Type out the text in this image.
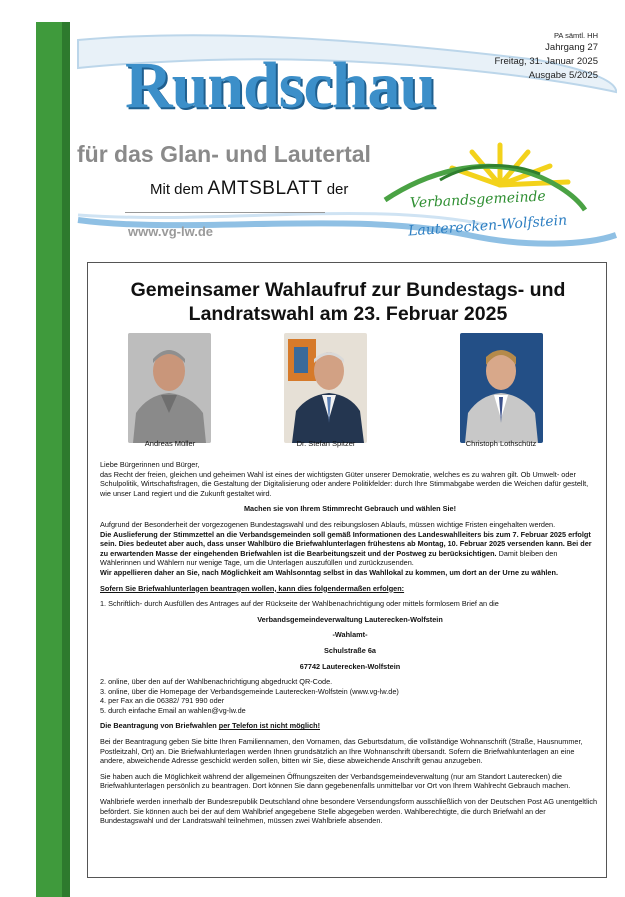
PA sämtl. HH
Jahrgang 27
Freitag, 31. Januar 2025
Ausgabe 5/2025
Rundschau
für das Glan- und Lautertal
Mit dem AMTSBLATT der
www.vg-lw.de
Verbandsgemeinde
Lauterecken-Wolfstein
Gemeinsamer Wahlaufruf zur Bundestags- und
Landratswahl am 23. Februar 2025
Andreas Müller	Dr. Stefan Spitzer	Christoph Lothschütz

Liebe Bürgerinnen und Bürger,
das Recht der freien, gleichen und geheimen Wahl ist eines der wichtigsten Güter unserer Demokratie, welches es zu wahren gilt. Ob Umwelt- oder Schulpolitik, Wirtschaftsfragen, die Gestaltung der Digitalisierung oder andere Politikfelder: durch Ihre Stimmabgabe werden die Weichen dafür gestellt, wie unser Land regiert und die Zukunft gestaltet wird.

Machen sie von Ihrem Stimmrecht Gebrauch und wählen Sie!

Aufgrund der Besonderheit der vorgezogenen Bundestagswahl und des reibungslosen Ablaufs, müssen wichtige Fristen eingehalten werden.
Die Auslieferung der Stimmzettel an die Verbandsgemeinden soll gemäß Informationen des Landeswahlleiters bis zum 7. Februar 2025 erfolgt sein. Dies bedeutet aber auch, dass unser Wahlbüro die Briefwahlunterlagen frühestens ab Montag, 10. Februar 2025 versenden kann. Bei der zu erwartenden Masse der eingehenden Briefwahlen ist die Bearbeitungszeit und der Postweg zu berücksichtigen. Damit bleiben den Wählerinnen und Wählern nur wenige Tage, um die Unterlagen auszufüllen und zurückzusenden.
Wir appellieren daher an Sie, nach Möglichkeit am Wahlsonntag selbst in das Wahllokal zu kommen, um dort an der Urne zu wählen.

Sofern Sie Briefwahlunterlagen beantragen wollen, kann dies folgendermaßen erfolgen:

1. Schriftlich- durch Ausfüllen des Antrages auf der Rückseite der Wahlbenachrichtigung oder mittels formlosem Brief an die

Verbandsgemeindeverwaltung Lauterecken-Wolfstein

-Wahlamt-

Schulstraße 6a

67742 Lauterecken-Wolfstein

2. online, über den auf der Wahlbenachrichtigung abgedruckt QR-Code.

3. online, über die Homepage der Verbandsgemeinde Lauterecken-Wolfstein (www.vg-lw.de)

4. per Fax an die 06382/ 791 990 oder

5. durch einfache Email an wahlen@vg-lw.de

Die Beantragung von Briefwahlen per Telefon ist nicht möglich!

Bei der Beantragung geben Sie bitte Ihren Familiennamen, den Vornamen, das Geburtsdatum, die vollständige Wohnanschrift (Straße, Hausnummer, Postleitzahl, Ort) an. Die Briefwahlunterlagen werden Ihnen grundsätzlich an Ihre Wohnanschrift übersandt. Sofern die Briefwahlunterlagen an eine andere, abweichende Adresse geschickt werden sollen, bitten wir Sie, diese abweichende Anschrift genau anzugeben.

Sie haben auch die Möglichkeit während der allgemeinen Öffnungszeiten der Verbandsgemeindeverwaltung (nur am Standort Lauterecken) die Briefwahlunterlagen persönlich zu beantragen. Dort können Sie dann gegebenenfalls unmittelbar vor Ort von Ihrem Wahlrecht Gebrauch machen.

Wahlbriefe werden innerhalb der Bundesrepublik Deutschland ohne besondere Versendungsform ausschließlich von der Deutschen Post AG unentgeltlich befördert. Sie können auch bei der auf dem Wahlbrief angegebene Stelle abgegeben werden. Wahlberechtigte, die durch Briefwahl an der Bundestagswahl und der Landratswahl teilnehmen, müssen zwei Wahlbriefe absenden.
